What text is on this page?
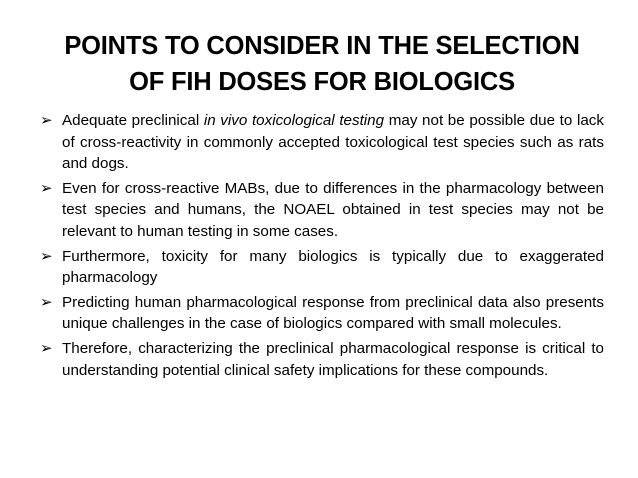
POINTS TO CONSIDER IN THE SELECTION
OF FIH DOSES FOR BIOLOGICS
➢ Adequate preclinical in vivo toxicological testing may not be possible due to lack of cross-reactivity in commonly accepted toxicological test species such as rats and dogs.
➢ Even for cross-reactive MABs, due to differences in the pharmacology between test species and humans, the NOAEL obtained in test species may not be relevant to human testing in some cases.
➢ Furthermore, toxicity for many biologics is typically due to exaggerated pharmacology
➢ Predicting human pharmacological response from preclinical data also presents unique challenges in the case of biologics compared with small molecules.
➢ Therefore, characterizing the preclinical pharmacological response is critical to understanding potential clinical safety implications for these compounds.
